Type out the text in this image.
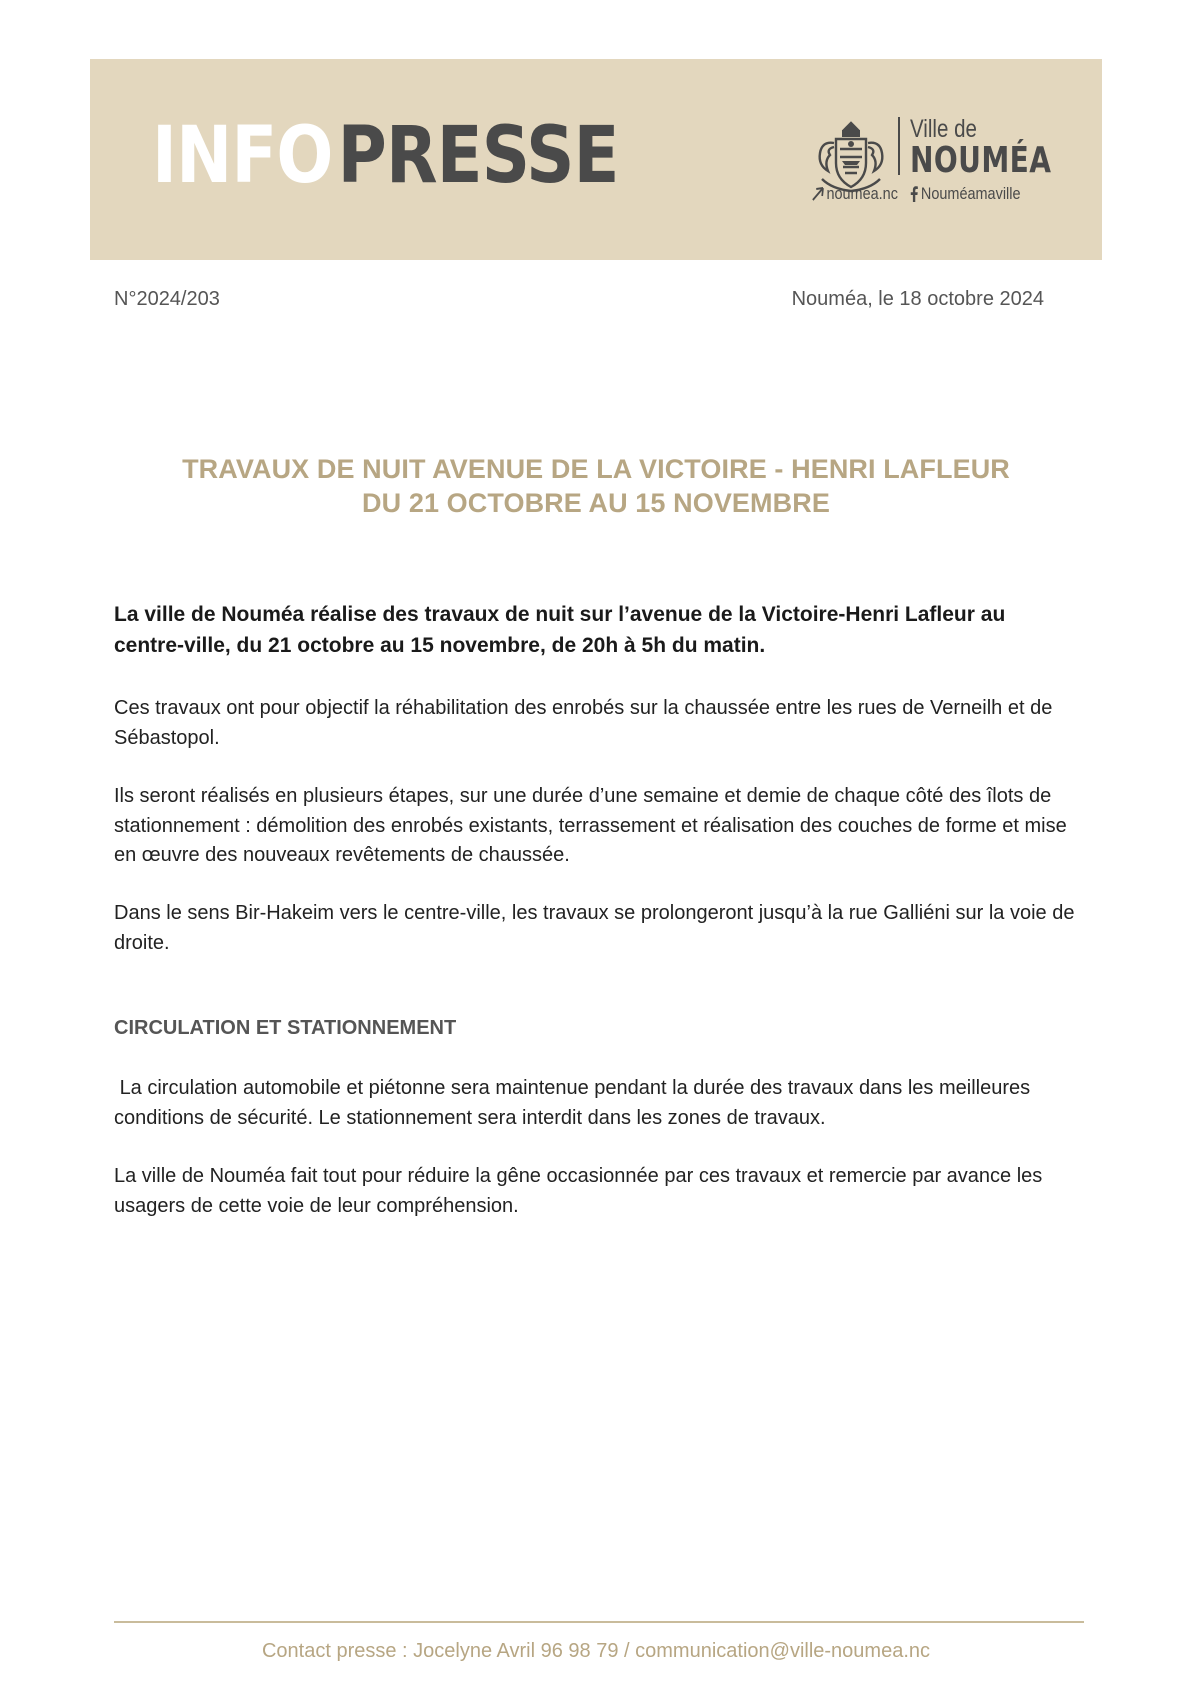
INFOPRESSE	Ville de
NOUMÉA
noumea.nc Nouméamaville
N°2024/203	Nouméa, le 18 octobre 2024
TRAVAUX DE NUIT AVENUE DE LA VICTOIRE - HENRI LAFLEUR
DU 21 OCTOBRE AU 15 NOVEMBRE
La ville de Nouméa réalise des travaux de nuit sur l’avenue de la Victoire-Henri Lafleur au centre-ville, du 21 octobre au 15 novembre, de 20h à 5h du matin.
Ces travaux ont pour objectif la réhabilitation des enrobés sur la chaussée entre les rues de Verneilh et de Sébastopol.
Ils seront réalisés en plusieurs étapes, sur une durée d’une semaine et demie de chaque côté des îlots de stationnement : démolition des enrobés existants, terrassement et réalisation des couches de forme et mise en œuvre des nouveaux revêtements de chaussée.
Dans le sens Bir-Hakeim vers le centre-ville, les travaux se prolongeront jusqu’à la rue Galliéni sur la voie de droite.
CIRCULATION ET STATIONNEMENT
La circulation automobile et piétonne sera maintenue pendant la durée des travaux dans les meilleures conditions de sécurité. Le stationnement sera interdit dans les zones de travaux.
La ville de Nouméa fait tout pour réduire la gêne occasionnée par ces travaux et remercie par avance les usagers de cette voie de leur compréhension.
Contact presse : Jocelyne Avril 96 98 79 / communication@ville-noumea.nc
